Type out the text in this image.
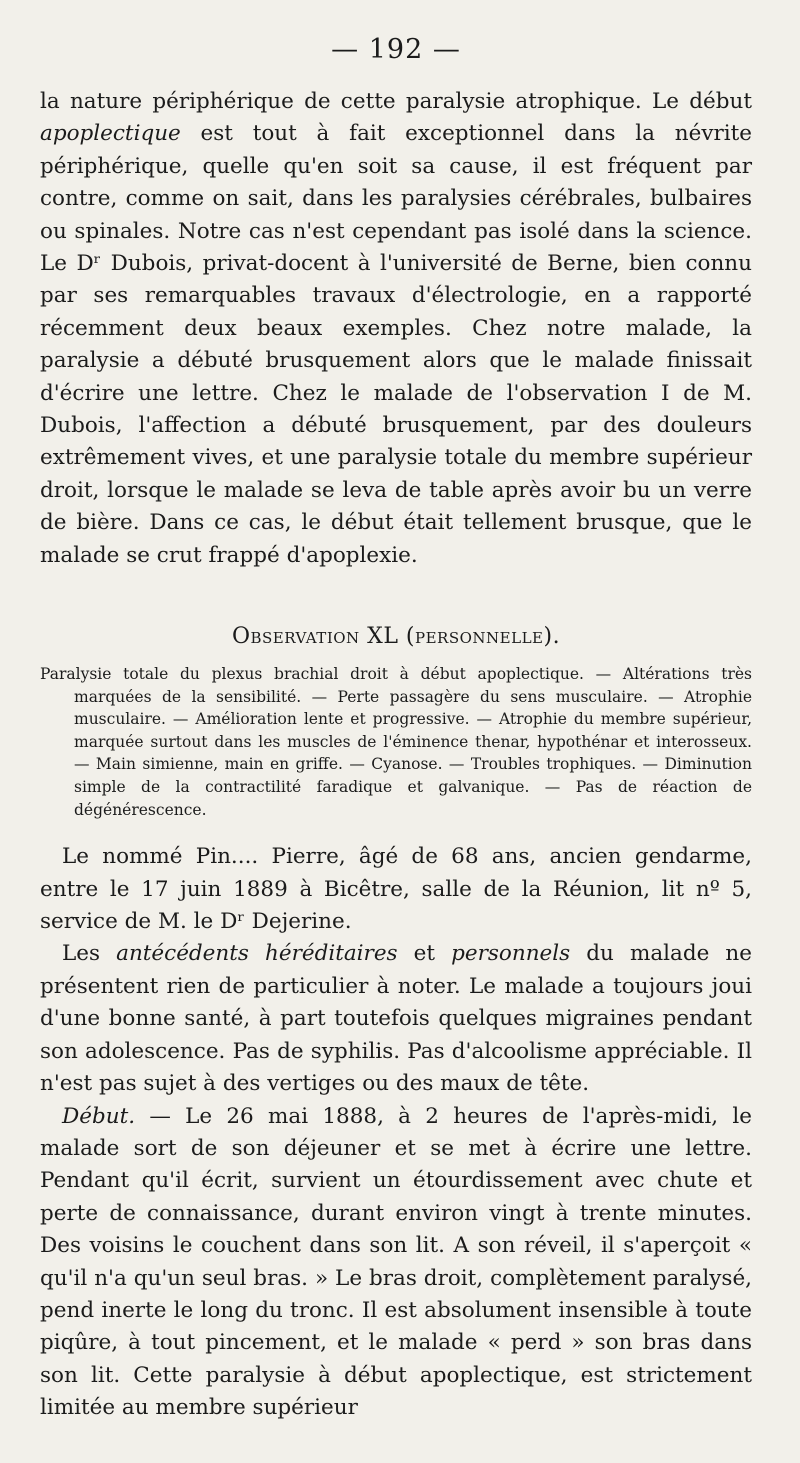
— 192 —

la nature périphérique de cette paralysie atrophique. Le début apoplectique est tout à fait exceptionnel dans la névrite périphérique, quelle qu'en soit sa cause, il est fréquent par contre, comme on sait, dans les paralysies cérébrales, bulbaires ou spinales. Notre cas n'est cependant pas isolé dans la science. Le Dʳ Dubois, privat-docent à l'université de Berne, bien connu par ses remarquables travaux d'électrologie, en a rapporté récemment deux beaux exemples. Chez notre malade, la paralysie a débuté brusquement alors que le malade finissait d'écrire une lettre. Chez le malade de l'observation I de M. Dubois, l'affection a débuté brusquement, par des douleurs extrêmement vives, et une paralysie totale du membre supérieur droit, lorsque le malade se leva de table après avoir bu un verre de bière. Dans ce cas, le début était tellement brusque, que le malade se crut frappé d'apoplexie.

Observation XL (personnelle).

Paralysie totale du plexus brachial droit à début apoplectique. — Altérations très marquées de la sensibilité. — Perte passagère du sens musculaire. — Atrophie musculaire. — Amélioration lente et progressive. — Atrophie du membre supérieur, marquée surtout dans les muscles de l'éminence thenar, hypothénar et interosseux. — Main simienne, main en griffe. — Cyanose. — Troubles trophiques. — Diminution simple de la contractilité faradique et galvanique. — Pas de réaction de dégénérescence.

Le nommé Pin.... Pierre, âgé de 68 ans, ancien gendarme, entre le 17 juin 1889 à Bicêtre, salle de la Réunion, lit nº 5, service de M. le Dʳ Dejerine.

Les antécédents héréditaires et personnels du malade ne présentent rien de particulier à noter. Le malade a toujours joui d'une bonne santé, à part toutefois quelques migraines pendant son adolescence. Pas de syphilis. Pas d'alcoolisme appréciable. Il n'est pas sujet à des vertiges ou des maux de tête.

Début. — Le 26 mai 1888, à 2 heures de l'après-midi, le malade sort de son déjeuner et se met à écrire une lettre. Pendant qu'il écrit, survient un étourdissement avec chute et perte de connaissance, durant environ vingt à trente minutes. Des voisins le couchent dans son lit. A son réveil, il s'aperçoit « qu'il n'a qu'un seul bras. » Le bras droit, complètement paralysé, pend inerte le long du tronc. Il est absolument insensible à toute piqûre, à tout pincement, et le malade « perd » son bras dans son lit. Cette paralysie à début apoplectique, est strictement limitée au membre supérieur
